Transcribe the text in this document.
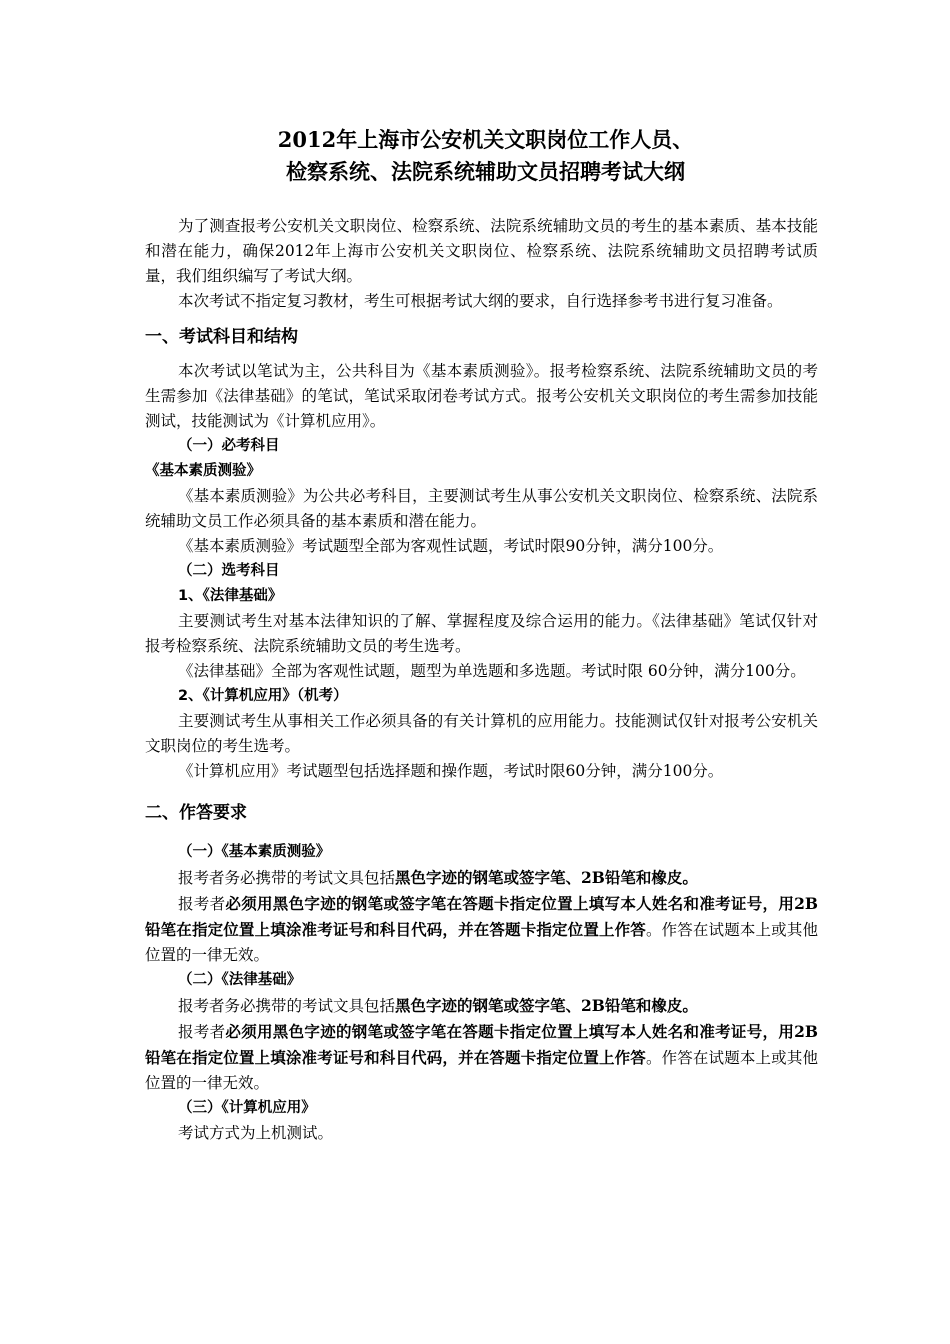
2012年上海市公安机关文职岗位工作人员、
检察系统、法院系统辅助文员招聘考试大纲

为了测查报考公安机关文职岗位、检察系统、法院系统辅助文员的考生的基本素质、基本技能和潜在能力，确保2012年上海市公安机关文职岗位、检察系统、法院系统辅助文员招聘考试质量，我们组织编写了考试大纲。

本次考试不指定复习教材，考生可根据考试大纲的要求，自行选择参考书进行复习准备。

一、考试科目和结构

本次考试以笔试为主，公共科目为《基本素质测验》。报考检察系统、法院系统辅助文员的考生需参加《法律基础》的笔试，笔试采取闭卷考试方式。报考公安机关文职岗位的考生需参加技能测试，技能测试为《计算机应用》。

（一）必考科目
《基本素质测验》

《基本素质测验》为公共必考科目，主要测试考生从事公安机关文职岗位、检察系统、法院系统辅助文员工作必须具备的基本素质和潜在能力。

《基本素质测验》考试题型全部为客观性试题，考试时限90分钟，满分100分。

（二）选考科目
1、《法律基础》

主要测试考生对基本法律知识的了解、掌握程度及综合运用的能力。《法律基础》笔试仅针对报考检察系统、法院系统辅助文员的考生选考。

《法律基础》全部为客观性试题，题型为单选题和多选题。考试时限 60分钟，满分100分。

2、《计算机应用》（机考）

主要测试考生从事相关工作必须具备的有关计算机的应用能力。技能测试仅针对报考公安机关文职岗位的考生选考。

《计算机应用》考试题型包括选择题和操作题，考试时限60分钟，满分100分。

二、作答要求
（一）《基本素质测验》

报考者务必携带的考试文具包括黑色字迹的钢笔或签字笔、2B铅笔和橡皮。

报考者必须用黑色字迹的钢笔或签字笔在答题卡指定位置上填写本人姓名和准考证号，用2B铅笔在指定位置上填涂准考证号和科目代码，并在答题卡指定位置上作答。作答在试题本上或其他位置的一律无效。

（二）《法律基础》

报考者务必携带的考试文具包括黑色字迹的钢笔或签字笔、2B铅笔和橡皮。

报考者必须用黑色字迹的钢笔或签字笔在答题卡指定位置上填写本人姓名和准考证号，用2B铅笔在指定位置上填涂准考证号和科目代码，并在答题卡指定位置上作答。作答在试题本上或其他位置的一律无效。

（三）《计算机应用》

考试方式为上机测试。
